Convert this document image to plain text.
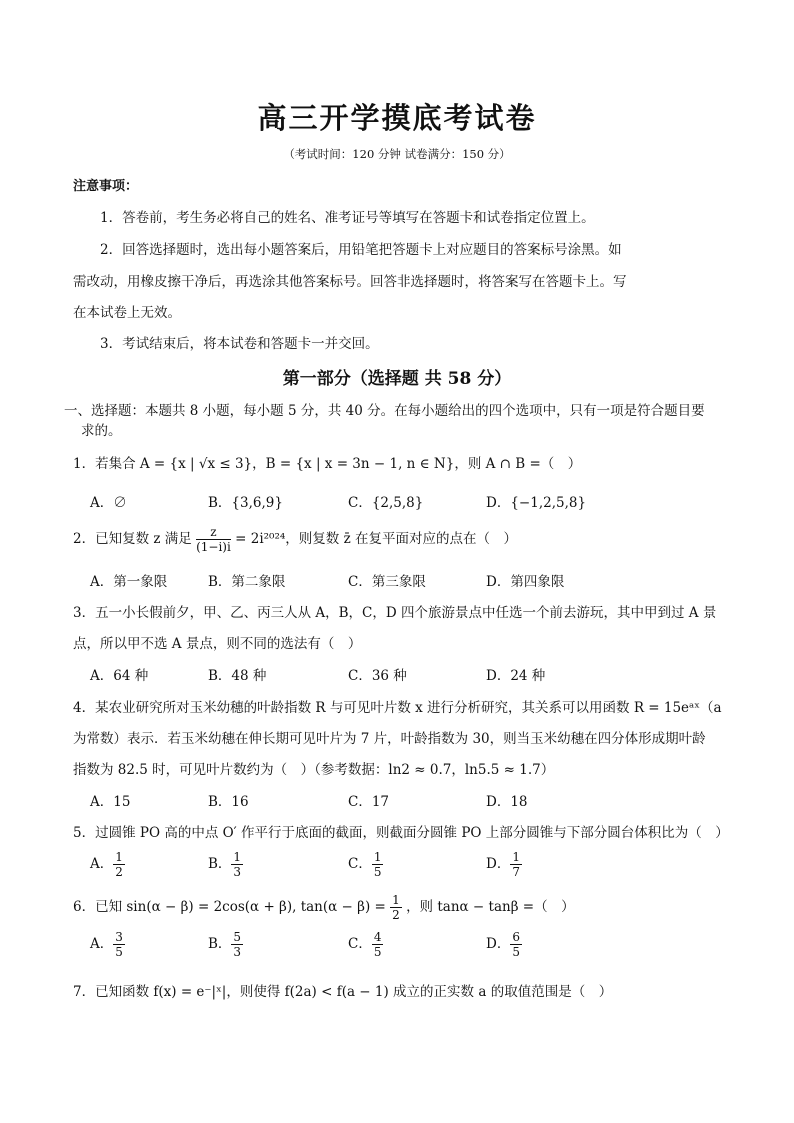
高三开学摸底考试卷
（考试时间：120 分钟 试卷满分：150 分）
注意事项：
1．答卷前，考生务必将自己的姓名、准考证号等填写在答题卡和试卷指定位置上。
2．回答选择题时，选出每小题答案后，用铅笔把答题卡上对应题目的答案标号涂黑。如
需改动，用橡皮擦干净后，再选涂其他答案标号。回答非选择题时，将答案写在答题卡上。写
在本试卷上无效。
3．考试结束后，将本试卷和答题卡一并交回。
第一部分（选择题 共 58 分）
一、选择题：本题共 8 小题，每小题 5 分，共 40 分。在每小题给出的四个选项中，只有一项是符合题目要
求的。
1．若集合 A = {x | √x ≤ 3}，B = {x | x = 3n − 1, n ∈ N}，则 A ∩ B =（　）
A．∅	B．{3,6,9}	C．{2,5,8}	D．{−1,2,5,8}
2．已知复数 z 满足 $\frac{z}{(1-i)i} = 2i^{2024}$，则复数 z̄ 在复平面对应的点在（　）
A．第一象限	B．第二象限	C．第三象限	D．第四象限
3．五一小长假前夕，甲、乙、丙三人从 A，B，C，D 四个旅游景点中任选一个前去游玩，其中甲到过 A 景
点，所以甲不选 A 景点，则不同的选法有（　）
A．64 种	B．48 种	C．36 种	D．24 种
4．某农业研究所对玉米幼穗的叶龄指数 R 与可见叶片数 x 进行分析研究，其关系可以用函数 R = 15eᵃˣ（a
为常数）表示．若玉米幼穗在伸长期可见叶片为 7 片，叶龄指数为 30，则当玉米幼穗在四分体形成期叶龄
指数为 82.5 时，可见叶片数约为（　）（参考数据：ln2 ≈ 0.7，ln5.5 ≈ 1.7）
A．15	B．16	C．17	D．18
5．过圆锥 PO 高的中点 O′ 作平行于底面的截面，则截面分圆锥 PO 上部分圆锥与下部分圆台体积比为（　）
A． $\frac{1}{2}$	B． $\frac{1}{3}$	C． $\frac{1}{5}$	D． $\frac{1}{7}$
6．已知 sin(α − β) = 2cos(α + β), $\tan(\alpha - \beta) = \frac{1}{2}$ ，则 tanα − tanβ =（　）
A． $\frac{3}{5}$	B． $\frac{5}{3}$	C． $\frac{4}{5}$	D． $\frac{6}{5}$
7．已知函数 f(x) = e⁻|ˣ|，则使得 f(2a) < f(a − 1) 成立的正实数 a 的取值范围是（　）
